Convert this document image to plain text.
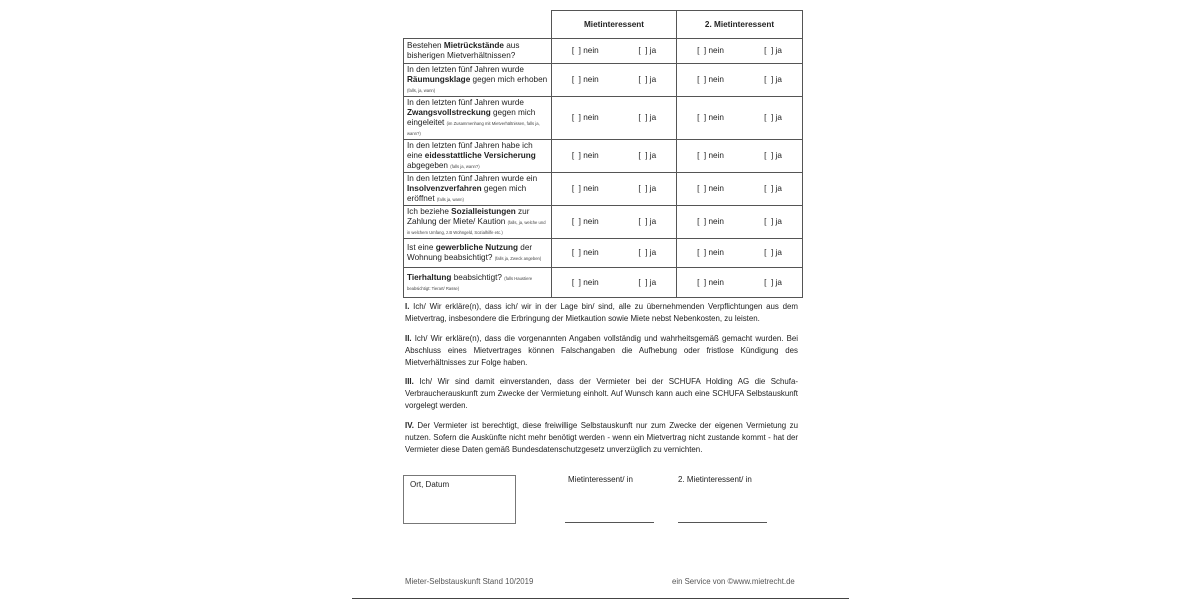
	Mietinteressent	2. Mietinteressent

Bestehen Mietrückstände aus bisherigen Mietverhältnissen?	[  ] nein [  ] ja	[  ] nein [  ] ja

In den letzten fünf Jahren wurde Räumungsklage gegen mich erhoben (falls, ja, wann)	[  ] nein [  ] ja	[  ] nein [  ] ja

In den letzten fünf Jahren wurde Zwangsvollstreckung gegen mich eingeleitet (im Zusammenhang mit Mietverhältnissen, falls ja, wann?)	[  ] nein [  ] ja	[  ] nein [  ] ja

In den letzten fünf Jahren habe ich eine eidesstattliche Versicherung abgegeben (falls ja, wann?)	[  ] nein [  ] ja	[  ] nein [  ] ja

In den letzten fünf Jahren wurde ein Insolvenzverfahren gegen mich eröffnet (falls ja, wann)	[  ] nein [  ] ja	[  ] nein [  ] ja

Ich beziehe Sozialleistungen zur Zahlung der Miete/ Kaution (falls, ja, welche und in welchem Umfang, z.B Wohngeld, Sozialhilfe etc.)	[  ] nein [  ] ja	[  ] nein [  ] ja

Ist eine gewerbliche Nutzung der Wohnung beabsichtigt? (falls ja, Zweck angeben)	[  ] nein [  ] ja	[  ] nein [  ] ja

Tierhaltung beabsichtigt? (falls Haustiere beabsichtigt: Tierart/ Rasse)	[  ] nein [  ] ja	[  ] nein [  ] ja
I. Ich/ Wir erkläre(n), dass ich/ wir in der Lage bin/ sind, alle zu übernehmenden Verpflichtungen aus dem Mietvertrag, insbesondere die Erbringung der Mietkaution sowie Miete nebst Nebenkosten, zu leisten.
II. Ich/ Wir erkläre(n), dass die vorgenannten Angaben vollständig und wahrheitsgemäß gemacht wurden. Bei Abschluss eines Mietvertrages können Falschangaben die Aufhebung oder fristlose Kündigung des Mietverhältnisses zur Folge haben.
III. Ich/ Wir sind damit einverstanden, dass der Vermieter bei der SCHUFA Holding AG die Schufa-Verbraucherauskunft zum Zwecke der Vermietung einholt. Auf Wunsch kann auch eine SCHUFA Selbstauskunft vorgelegt werden.
IV. Der Vermieter ist berechtigt, diese freiwillige Selbstauskunft nur zum Zwecke der eigenen Vermietung zu nutzen. Sofern die Auskünfte nicht mehr benötigt werden - wenn ein Mietvertrag nicht zustande kommt - hat der Vermieter diese Daten gemäß Bundesdatenschutzgesetz unverzüglich zu vernichten.
Ort, Datum
Mietinteressent/ in	2. Mietinteressent/ in
Mieter-Selbstauskunft Stand 10/2019	ein Service von ©www.mietrecht.de
